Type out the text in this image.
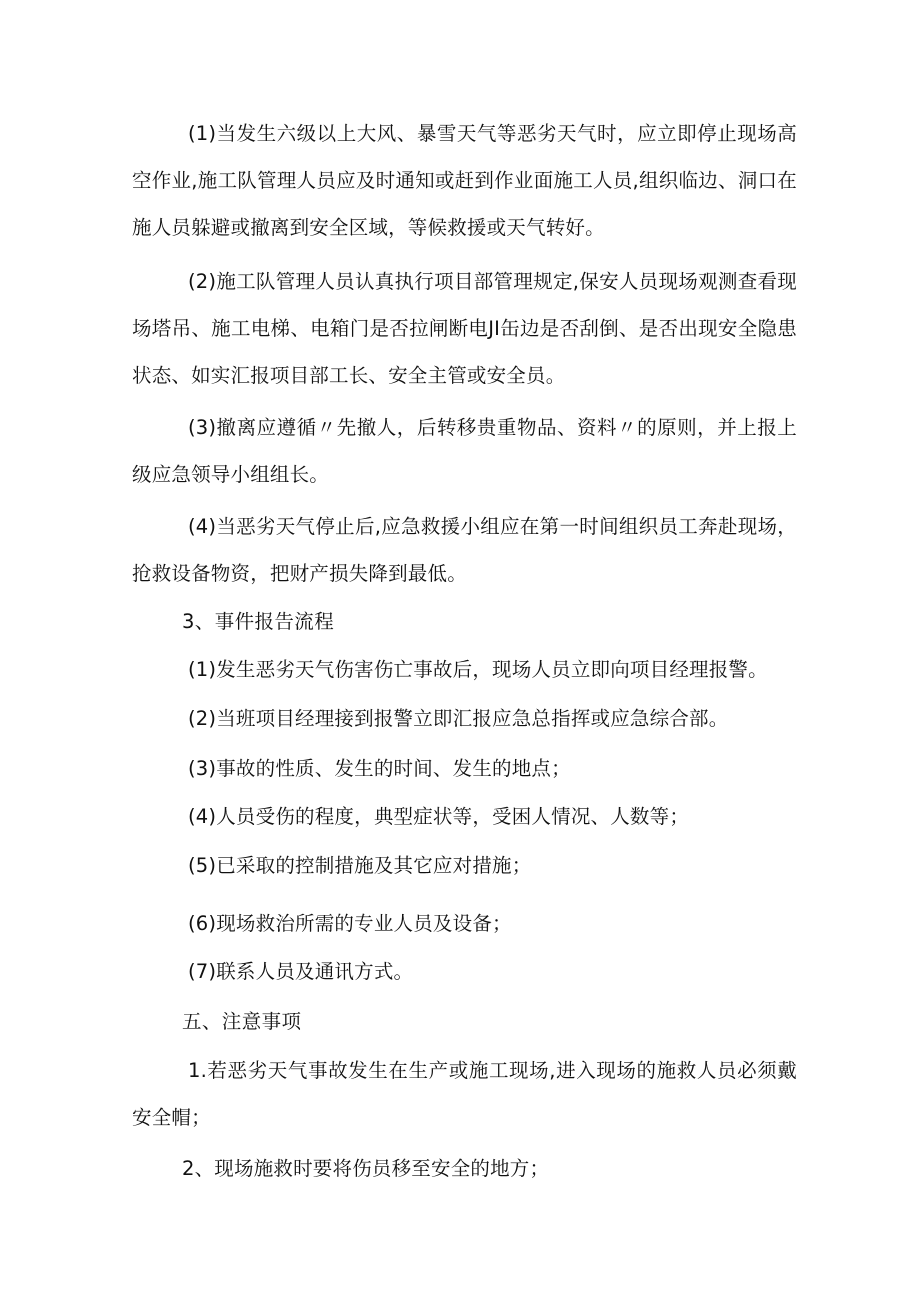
(1)当发生六级以上大风、暴雪天气等恶劣天气时，应立即停止现场高空作业,施工队管理人员应及时通知或赶到作业面施工人员,组织临边、洞口在施人员躲避或撤离到安全区域，等候救援或天气转好。

(2)施工队管理人员认真执行项目部管理规定,保安人员现场观测查看现场塔吊、施工电梯、电箱门是否拉闸断电JI缶边是否刮倒、是否出现安全隐患状态、如实汇报项目部工长、安全主管或安全员。

(3)撤离应遵循〃先撤人，后转移贵重物品、资料〃的原则，并上报上级应急领导小组组长。

(4)当恶劣天气停止后,应急救援小组应在第一时间组织员工奔赴现场，抢救设备物资，把财产损失降到最低。

3、事件报告流程

(1)发生恶劣天气伤害伤亡事故后，现场人员立即向项目经理报警。

(2)当班项目经理接到报警立即汇报应急总指挥或应急综合部。

(3)事故的性质、发生的时间、发生的地点；

(4)人员受伤的程度，典型症状等，受困人情况、人数等；

(5)已采取的控制措施及其它应对措施；

(6)现场救治所需的专业人员及设备；

(7)联系人员及通讯方式。

五、注意事项

1.若恶劣天气事故发生在生产或施工现场,进入现场的施救人员必须戴安全帽；

2、现场施救时要将伤员移至安全的地方；
